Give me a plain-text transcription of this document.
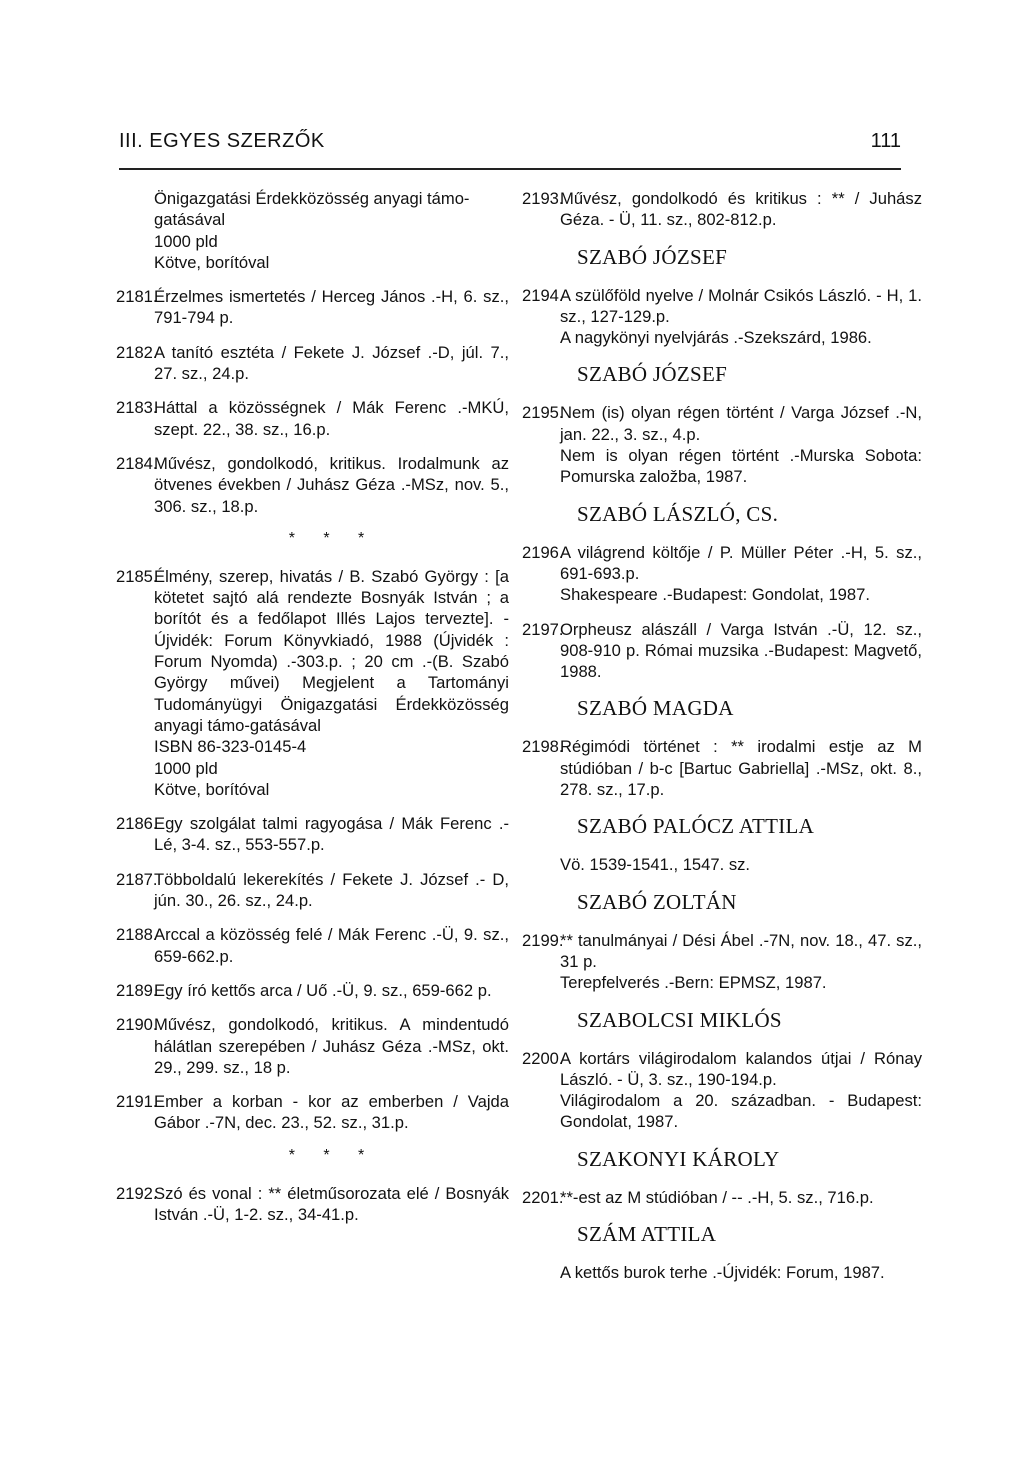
III. EGYES SZERZŐK	111
Önigazgatási Érdekközösség anyagi támo-gatásával
1000 pld
Kötve, borítóval
2181.
Érzelmes ismertetés / Herceg János .-H, 6. sz., 791-794 p.
2182.
A tanító esztéta / Fekete J. József .-D, júl. 7., 27. sz., 24.p.
2183.
Háttal a közösségnek / Mák Ferenc .-MKÚ, szept. 22., 38. sz., 16.p.
2184.
Művész, gondolkodó, kritikus. Irodalmunk az ötvenes években / Juhász Géza .-MSz, nov. 5., 306. sz., 18.p.
* * *
2185.
Élmény, szerep, hivatás / B. Szabó György : [a kötetet sajtó alá rendezte Bosnyák István ; a borítót és a fedőlapot Illés Lajos tervezte]. - Újvidék: Forum Könyvkiadó, 1988 (Újvidék : Forum Nyomda) .-303.p. ; 20 cm .-(B. Szabó György művei) Megjelent a Tartományi Tudományügyi Önigazgatási Érdekközösség anyagi támo-gatásával
ISBN 86-323-0145-4
1000 pld
Kötve, borítóval
2186.
Egy szolgálat talmi ragyogása / Mák Ferenc .-Lé, 3-4. sz., 553-557.p.
2187.
Többoldalú lekerekítés / Fekete J. József .- D, jún. 30., 26. sz., 24.p.
2188.
Arccal a közösség felé / Mák Ferenc .-Ü, 9. sz., 659-662.p.
2189.
Egy író kettős arca / Uő .-Ü, 9. sz., 659-662 p.
2190.
Művész, gondolkodó, kritikus. A mindentudó hálátlan szerepében / Juhász Géza .-MSz, okt. 29., 299. sz., 18 p.
2191.
Ember a korban - kor az emberben / Vajda Gábor .-7N, dec. 23., 52. sz., 31.p.
* * *
2192.
Szó és vonal : ** életműsorozata elé / Bosnyák István .-Ü, 1-2. sz., 34-41.p.
2193.
Művész, gondolkodó és kritikus : ** / Juhász Géza. - Ü, 11. sz., 802-812.p.
SZABÓ JÓZSEF
2194.
A szülőföld nyelve / Molnár Csikós László. - H, 1. sz., 127-129.p.
A nagykönyi nyelvjárás .-Szekszárd, 1986.
SZABÓ JÓZSEF
2195.
Nem (is) olyan régen történt / Varga József .-N, jan. 22., 3. sz., 4.p.
Nem is olyan régen történt .-Murska Sobota: Pomurska založba, 1987.
SZABÓ LÁSZLÓ, CS.
2196.
A világrend költője / P. Müller Péter .-H, 5. sz., 691-693.p.
Shakespeare .-Budapest: Gondolat, 1987.
2197.
Orpheusz alászáll / Varga István .-Ü, 12. sz., 908-910 p. Római muzsika .-Budapest: Magvető, 1988.
SZABÓ MAGDA
2198.
Régimódi történet : ** irodalmi estje az M stúdióban / b-c [Bartuc Gabriella] .-MSz, okt. 8., 278. sz., 17.p.
SZABÓ PALÓCZ ATTILA
Vö. 1539-1541., 1547. sz.
SZABÓ ZOLTÁN
2199.
** tanulmányai / Dési Ábel .-7N, nov. 18., 47. sz., 31 p.
Terepfelverés .-Bern: EPMSZ, 1987.
SZABOLCSI MIKLÓS
2200.
A kortárs világirodalom kalandos útjai / Rónay László. - Ü, 3. sz., 190-194.p.
Világirodalom a 20. században. - Budapest: Gondolat, 1987.
SZAKONYI KÁROLY
2201.
**-est az M stúdióban / -- .-H, 5. sz., 716.p.
SZÁM ATTILA
A kettős burok terhe .-Újvidék: Forum, 1987.
